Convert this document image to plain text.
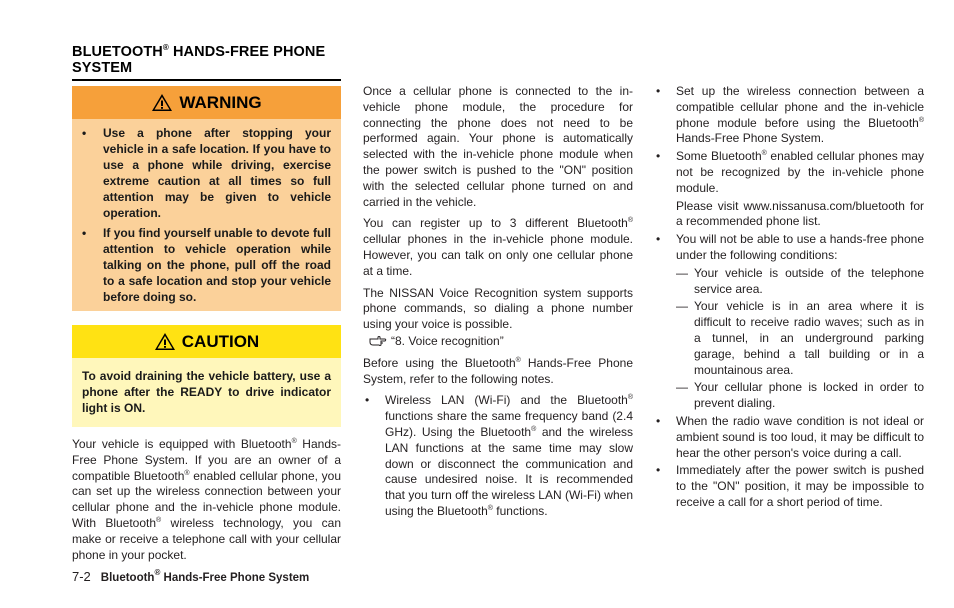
BLUETOOTH® HANDS-FREE PHONE
SYSTEM
WARNING
• Use a phone after stopping your vehicle in a safe location. If you have to use a phone while driving, exercise extreme caution at all times so full attention may be given to vehicle operation.
• If you find yourself unable to devote full attention to vehicle operation while talking on the phone, pull off the road to a safe location and stop your vehicle before doing so.
CAUTION
To avoid draining the vehicle battery, use a phone after the READY to drive indicator light is ON.

Your vehicle is equipped with Bluetooth® Hands-Free Phone System. If you are an owner of a compatible Bluetooth® enabled cellular phone, you can set up the wireless connection between your cellular phone and the in-vehicle phone module. With Bluetooth® wireless technology, you can make or receive a telephone call with your cellular phone in your pocket.

Once a cellular phone is connected to the in-vehicle phone module, the procedure for connecting the phone does not need to be performed again. Your phone is automatically selected with the in-vehicle phone module when the power switch is pushed to the "ON" position with the selected cellular phone turned on and carried in the vehicle.

You can register up to 3 different Bluetooth® cellular phones in the in-vehicle phone module. However, you can talk on only one cellular phone at a time.

The NISSAN Voice Recognition system supports phone commands, so dialing a phone number using your voice is possible.

“8. Voice recognition”

Before using the Bluetooth® Hands-Free Phone System, refer to the following notes.

• Wireless LAN (Wi-Fi) and the Bluetooth® functions share the same frequency band (2.4 GHz). Using the Bluetooth® and the wireless LAN functions at the same time may slow down or disconnect the communication and cause undesired noise. It is recommended that you turn off the wireless LAN (Wi-Fi) when using the Bluetooth® functions.
• Set up the wireless connection between a compatible cellular phone and the in-vehicle phone module before using the Bluetooth® Hands-Free Phone System.
• Some Bluetooth® enabled cellular phones may not be recognized by the in-vehicle phone module.
Please visit www.nissanusa.com/bluetooth for a recommended phone list.
• You will not be able to use a hands-free phone under the following conditions:
— Your vehicle is outside of the telephone service area.
— Your vehicle is in an area where it is difficult to receive radio waves; such as in a tunnel, in an underground parking garage, behind a tall building or in a mountainous area.
— Your cellular phone is locked in order to prevent dialing.
• When the radio wave condition is not ideal or ambient sound is too loud, it may be difficult to hear the other person's voice during a call.
• Immediately after the power switch is pushed to the "ON" position, it may be impossible to receive a call for a short period of time.
7-2 Bluetooth® Hands-Free Phone System
